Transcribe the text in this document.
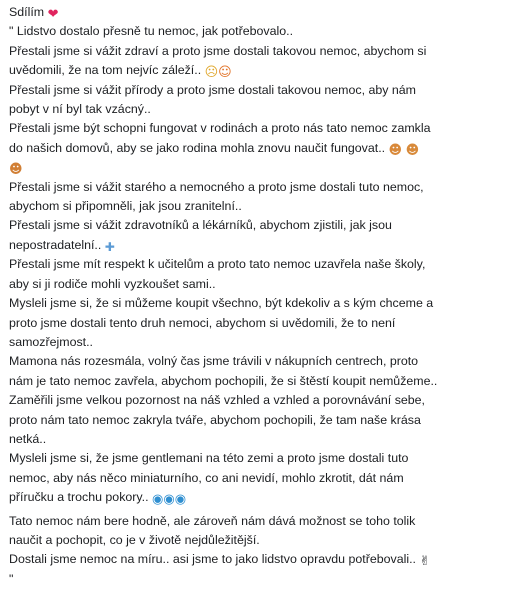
Sdílím ❤
" Lidstvo dostalo přesně tu nemoc, jak potřebovalo..
Přestali jsme si vážit zdraví a proto jsme dostali takovou nemoc, abychom si
uvědomili, že na tom nejvíc záleží.. ☹☺
Přestali jsme si vážit přírody a proto jsme dostali takovou nemoc, aby nám
pobyt v ní byl tak vzácný..
Přestali jsme být schopni fungovat v rodinách a proto nás tato nemoc zamkla
do našich domovů, aby se jako rodina mohla znovu naučit fungovat.. ☻ ☻
☻
Přestali jsme si vážit starého a nemocného a proto jsme dostali tuto nemoc,
abychom si připomněli, jak jsou zranitelní..
Přestali jsme si vážit zdravotníků a lékárníků, abychom zjistili, jak jsou
nepostradatelní.. ✚
Přestali jsme mít respekt k učitelům a proto tato nemoc uzavřela naše školy,
aby si ji rodiče mohli vyzkoušet sami..
Mysleli jsme si, že si můžeme koupit všechno, být kdekoliv a s kým chceme a
proto jsme dostali tento druh nemoci, abychom si uvědomili, že to není
samozřejmost..
Mamona nás rozesmála, volný čas jsme trávili v nákupních centrech, proto
nám je tato nemoc zavřela, abychom pochopili, že si štěstí koupit nemůžeme..
Zaměřili jsme velkou pozornost na náš vzhled a vzhled a porovnávání sebe,
proto nám tato nemoc zakryla tváře, abychom pochopili, že tam naše krása
netká..
Mysleli jsme si, že jsme gentlemani na této zemi a proto jsme dostali tuto
nemoc, aby nás něco miniaturního, co ani nevidí, mohlo zkrotit, dát nám
příručku a trochu pokory.. ◉◉◉
Tato nemoc nám bere hodně, ale zároveň nám dává možnost se toho tolik
naučit a pochopit, co je v životě nejdůležitější.
Dostali jsme nemoc na míru.. asi jsme to jako lidstvo opravdu potřebovali.. ✌
"
